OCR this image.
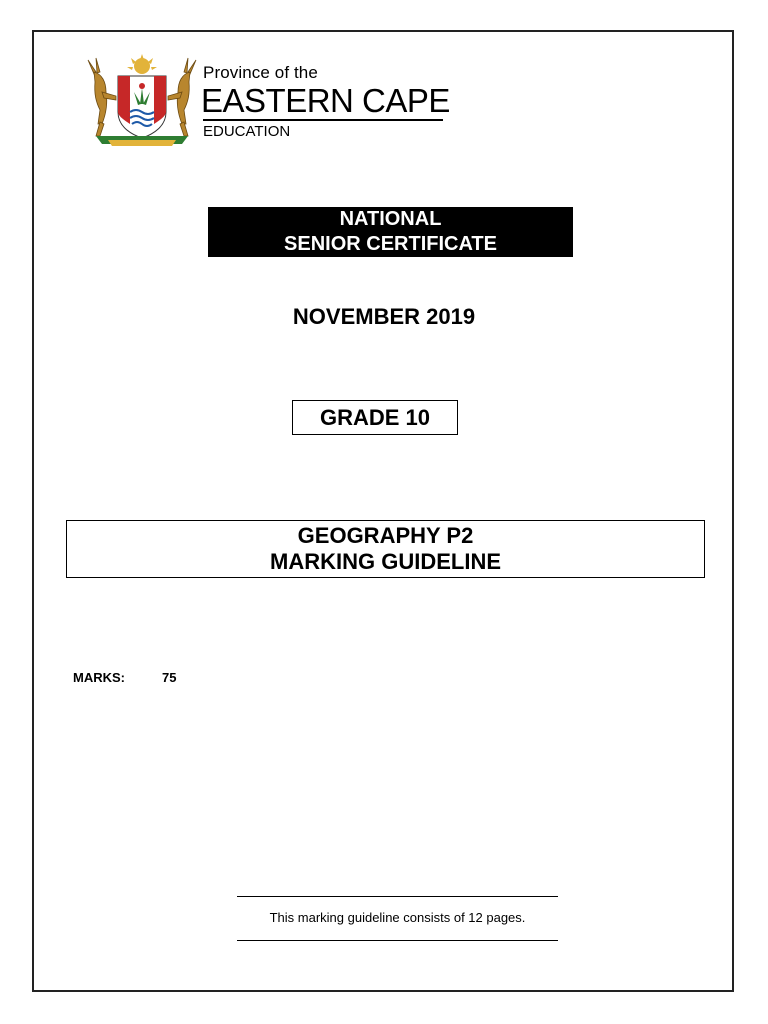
Province of the
EASTERN CAPE
EDUCATION
NATIONAL
SENIOR CERTIFICATE
NOVEMBER 2019
GRADE 10
GEOGRAPHY P2
MARKING GUIDELINE
MARKS:	75
This marking guideline consists of 12 pages.
